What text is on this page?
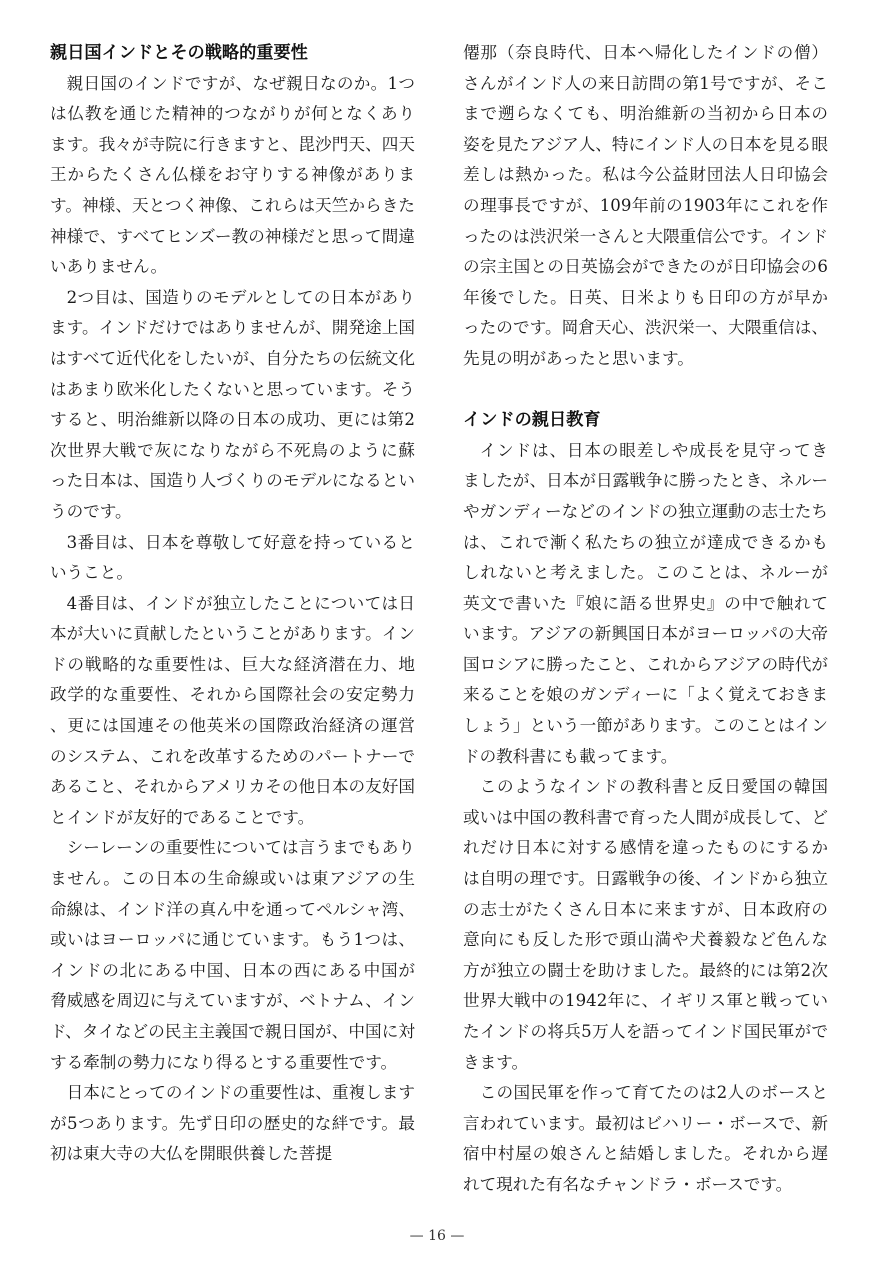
親日国インドとその戦略的重要性

親日国のインドですが、なぜ親日なのか。1つは仏教を通じた精神的つながりが何となくあります。我々が寺院に行きますと、毘沙門天、四天王からたくさん仏様をお守りする神像があります。神様、天とつく神像、これらは天竺からきた神様で、すべてヒンズー教の神様だと思って間違いありません。

2つ目は、国造りのモデルとしての日本があります。インドだけではありませんが、開発途上国はすべて近代化をしたいが、自分たちの伝統文化はあまり欧米化したくないと思っています。そうすると、明治維新以降の日本の成功、更には第2次世界大戦で灰になりながら不死鳥のように蘇った日本は、国造り人づくりのモデルになるというのです。

3番目は、日本を尊敬して好意を持っているということ。

4番目は、インドが独立したことについては日本が大いに貢献したということがあります。インドの戦略的な重要性は、巨大な経済潜在力、地政学的な重要性、それから国際社会の安定勢力、更には国連その他英米の国際政治経済の運営のシステム、これを改革するためのパートナーであること、それからアメリカその他日本の友好国とインドが友好的であることです。

シーレーンの重要性については言うまでもありません。この日本の生命線或いは東アジアの生命線は、インド洋の真ん中を通ってペルシャ湾、或いはヨーロッパに通じています。もう1つは、インドの北にある中国、日本の西にある中国が脅威感を周辺に与えていますが、ベトナム、インド、タイなどの民主主義国で親日国が、中国に対する牽制の勢力になり得るとする重要性です。

日本にとってのインドの重要性は、重複しますが5つあります。先ず日印の歴史的な絆です。最初は東大寺の大仏を開眼供養した菩提

僊那（奈良時代、日本へ帰化したインドの僧）さんがインド人の来日訪問の第1号ですが、そこまで遡らなくても、明治維新の当初から日本の姿を見たアジア人、特にインド人の日本を見る眼差しは熱かった。私は今公益財団法人日印協会の理事長ですが、109年前の1903年にこれを作ったのは渋沢栄一さんと大隈重信公です。インドの宗主国との日英協会ができたのが日印協会の6年後でした。日英、日米よりも日印の方が早かったのです。岡倉天心、渋沢栄一、大隈重信は、先見の明があったと思います。

インドの親日教育

インドは、日本の眼差しや成長を見守ってきましたが、日本が日露戦争に勝ったとき、ネルーやガンディーなどのインドの独立運動の志士たちは、これで漸く私たちの独立が達成できるかもしれないと考えました。このことは、ネルーが英文で書いた『娘に語る世界史』の中で触れています。アジアの新興国日本がヨーロッパの大帝国ロシアに勝ったこと、これからアジアの時代が来ることを娘のガンディーに「よく覚えておきましょう」という一節があります。このことはインドの教科書にも載ってます。

このようなインドの教科書と反日愛国の韓国或いは中国の教科書で育った人間が成長して、どれだけ日本に対する感情を違ったものにするかは自明の理です。日露戦争の後、インドから独立の志士がたくさん日本に来ますが、日本政府の意向にも反した形で頭山満や犬養毅など色んな方が独立の闘士を助けました。最終的には第2次世界大戦中の1942年に、イギリス軍と戦っていたインドの将兵5万人を語ってインド国民軍ができます。

この国民軍を作って育てたのは2人のボースと言われています。最初はビハリー・ボースで、新宿中村屋の娘さんと結婚しました。それから遅れて現れた有名なチャンドラ・ボースです。

— 16 —
